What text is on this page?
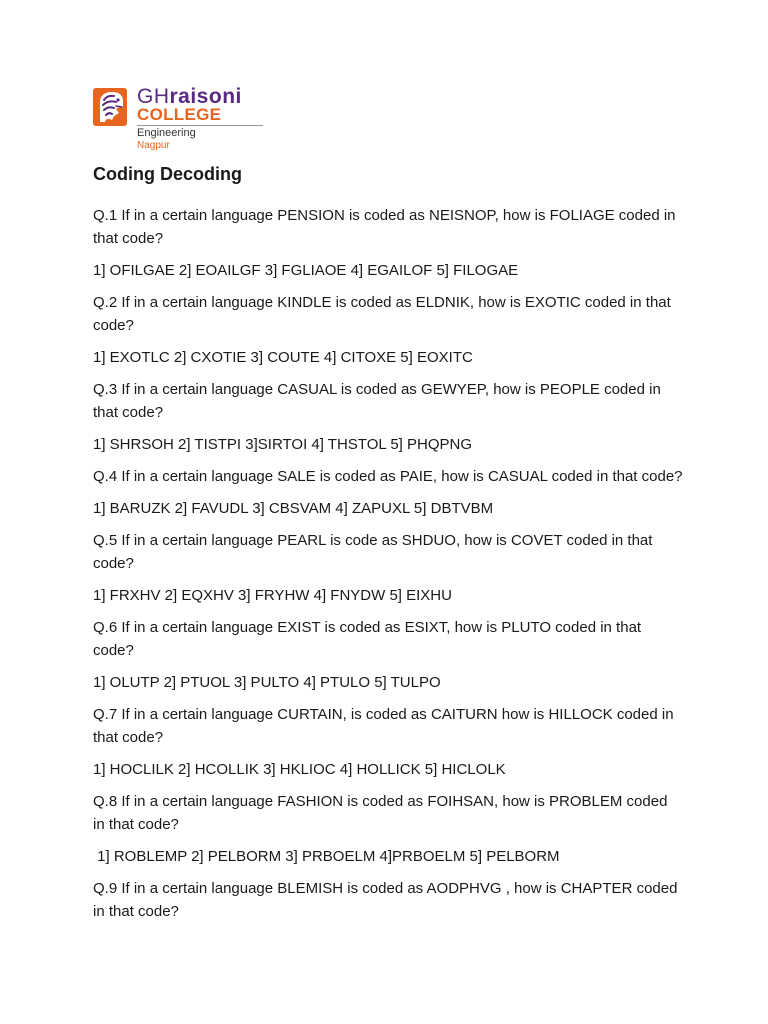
GHraisoni
COLLEGE
Engineering
Nagpur
Coding Decoding

Q.1 If in a certain language PENSION is coded as NEISNOP, how is FOLIAGE coded in that code?

1] OFILGAE 2] EOAILGF 3] FGLIAOE 4] EGAILOF 5] FILOGAE

Q.2 If in a certain language KINDLE is coded as ELDNIK, how is EXOTIC coded in that code?

1] EXOTLC 2] CXOTIE 3] COUTE 4] CITOXE 5] EOXITC

Q.3 If in a certain language CASUAL is coded as GEWYEP, how is PEOPLE coded in that code?

1] SHRSOH 2] TISTPI 3]SIRTOI 4] THSTOL 5] PHQPNG

Q.4 If in a certain language SALE is coded as PAIE, how is CASUAL coded in that code?

1] BARUZK 2] FAVUDL 3] CBSVAM 4] ZAPUXL 5] DBTVBM

Q.5 If in a certain language PEARL is code as SHDUO, how is COVET coded in that code?

1] FRXHV 2] EQXHV 3] FRYHW 4] FNYDW 5] EIXHU

Q.6 If in a certain language EXIST is coded as ESIXT, how is PLUTO coded in that code?

1] OLUTP 2] PTUOL 3] PULTO 4] PTULO 5] TULPO

Q.7 If in a certain language CURTAIN, is coded as CAITURN how is HILLOCK coded in that code?

1] HOCLILK 2] HCOLLIK 3] HKLIOC 4] HOLLICK 5] HICLOLK

Q.8 If in a certain language FASHION is coded as FOIHSAN, how is PROBLEM coded in that code?

1] ROBLEMP 2] PELBORM 3] PRBOELM 4]PRBOELM 5] PELBORM

Q.9 If in a certain language BLEMISH is coded as AODPHVG , how is CHAPTER coded in that code?
